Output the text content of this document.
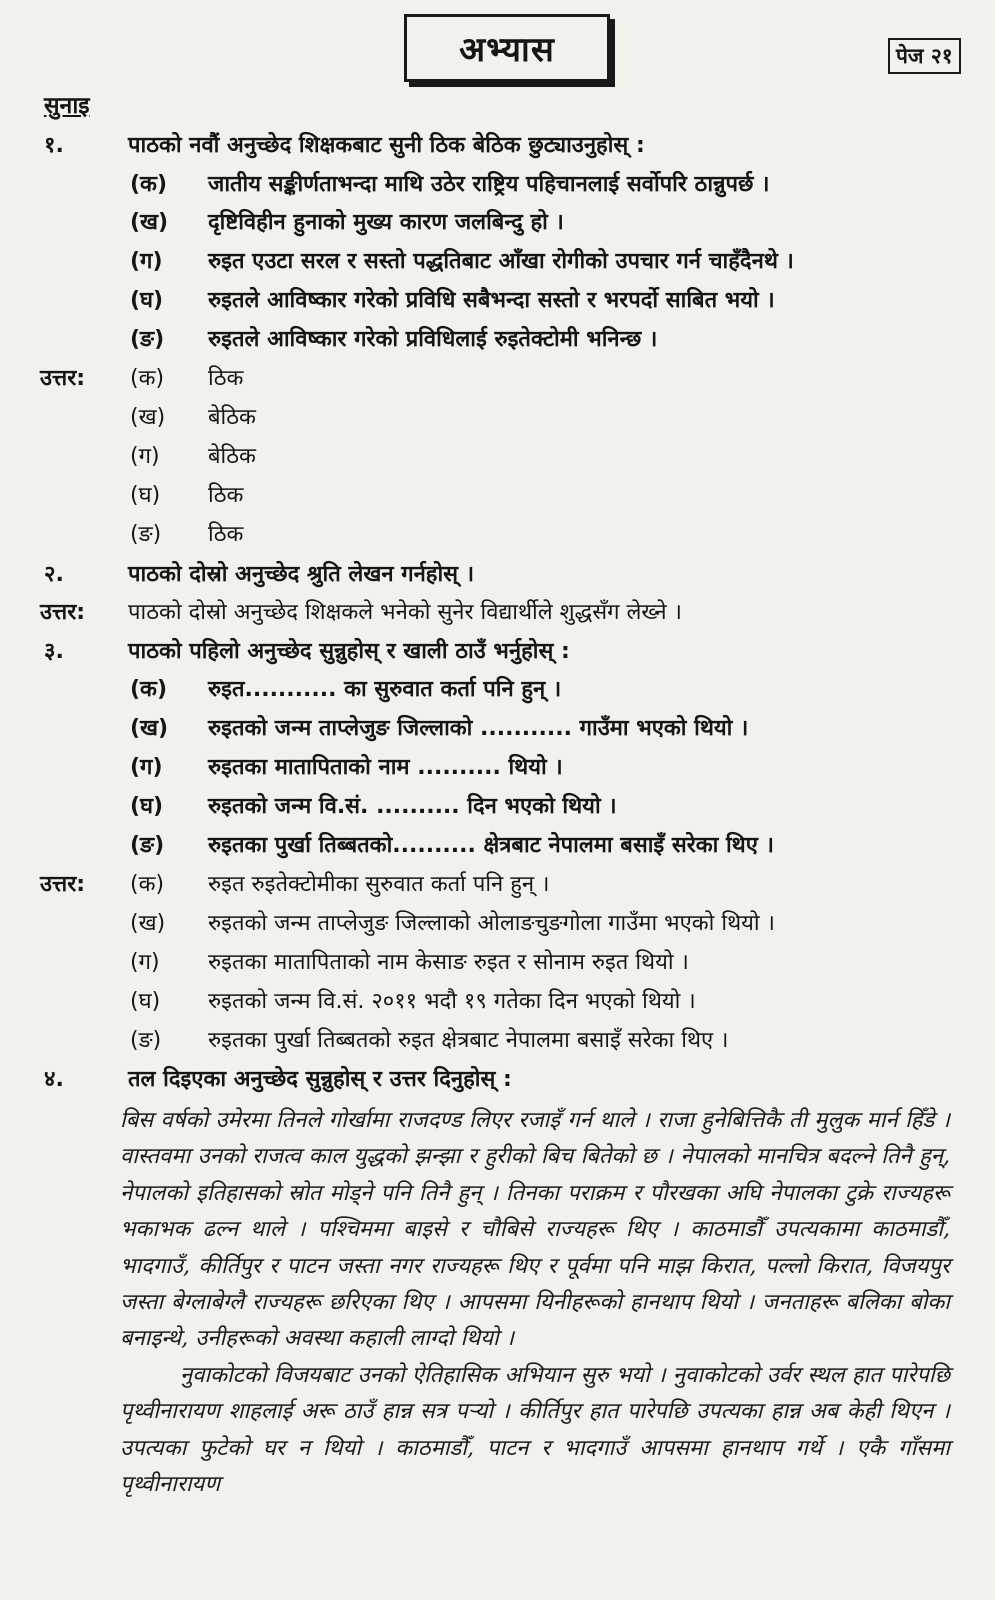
अभ्यास	पेज २१
सुनाइ
१.	पाठको नवौं अनुच्छेद शिक्षकबाट सुनी ठिक बेठिक छुट्याउनुहोस् :
(क) जातीय सङ्कीर्णताभन्दा माथि उठेर राष्ट्रिय पहिचानलाई सर्वोपरि ठान्नुपर्छ ।
(ख) दृष्टिविहीन हुनाको मुख्य कारण जलबिन्दु हो ।
(ग) रुइत एउटा सरल र सस्तो पद्धतिबाट आँखा रोगीको उपचार गर्न चाहँदैनथे ।
(घ) रुइतले आविष्कार गरेको प्रविधि सबैभन्दा सस्तो र भरपर्दो साबित भयो ।
(ङ) रुइतले आविष्कार गरेको प्रविधिलाई रुइतेक्टोमी भनिन्छ ।
उत्तर: (क) ठिक
(ख) बेठिक
(ग) बेठिक
(घ) ठिक
(ङ) ठिक
२.	पाठको दोस्रो अनुच्छेद श्रुति लेखन गर्नहोस् ।
उत्तर: पाठको दोस्रो अनुच्छेद शिक्षकले भनेको सुनेर विद्यार्थीले शुद्धसँग लेख्ने ।
३.	पाठको पहिलो अनुच्छेद सुन्नुहोस् र खाली ठाउँ भर्नुहोस् :
(क) रुइत........... का सुरुवात कर्ता पनि हुन् ।
(ख) रुइतको जन्म ताप्लेजुङ जिल्लाको ........... गाउँमा भएको थियो ।
(ग) रुइतका मातापिताको नाम .......... थियो ।
(घ) रुइतको जन्म वि.सं. .......... दिन भएको थियो ।
(ङ) रुइतका पुर्खा तिब्बतको.......... क्षेत्रबाट नेपालमा बसाइँ सरेका थिए ।
उत्तर: (क) रुइत रुइतेक्टोमीका सुरुवात कर्ता पनि हुन् ।
(ख) रुइतको जन्म ताप्लेजुङ जिल्लाको ओलाङचुङगोला गाउँमा भएको थियो ।
(ग) रुइतका मातापिताको नाम केसाङ रुइत र सोनाम रुइत थियो ।
(घ) रुइतको जन्म वि.सं. २०११ भदौ १९ गतेका दिन भएको थियो ।
(ङ) रुइतका पुर्खा तिब्बतको रुइत क्षेत्रबाट नेपालमा बसाइँ सरेका थिए ।
४.	तल दिइएका अनुच्छेद सुन्नुहोस् र उत्तर दिनुहोस् :

बिस वर्षको उमेरमा तिनले गोर्खामा राजदण्ड लिएर रजाइँ गर्न थाले । राजा हुनेबित्तिकै ती मुलुक मार्न हिँडे । वास्तवमा उनको राजत्व काल युद्धको झन्झा र हुरीको बिच बितेको छ । नेपालको मानचित्र बदल्ने तिनै हुन्, नेपालको इतिहासको स्रोत मोड्ने पनि तिनै हुन् । तिनका पराक्रम र पौरखका अघि नेपालका टुक्रे राज्यहरू भकाभक ढल्न थाले । पश्चिममा बाइसे र चौबिसे राज्यहरू थिए । काठमाडौँ उपत्यकामा काठमाडौँ, भादगाउँ, कीर्तिपुर र पाटन जस्ता नगर राज्यहरू थिए र पूर्वमा पनि माझ किरात, पल्लो किरात, विजयपुर जस्ता बेग्लाबेग्लै राज्यहरू छरिएका थिए । आपसमा यिनीहरूको हानथाप थियो । जनताहरू बलिका बोका बनाइन्थे, उनीहरूको अवस्था कहाली लाग्दो थियो ।

नुवाकोटको विजयबाट उनको ऐतिहासिक अभियान सुरु भयो । नुवाकोटको उर्वर स्थल हात पारेपछि पृथ्वीनारायण शाहलाई अरू ठाउँ हान्न सत्र पर्‍यो । कीर्तिपुर हात पारेपछि उपत्यका हान्न अब केही थिएन । उपत्यका फुटेको घर न थियो । काठमाडौँ, पाटन र भादगाउँ आपसमा हानथाप गर्थे । एकै गाँसमा पृथ्वीनारायण
